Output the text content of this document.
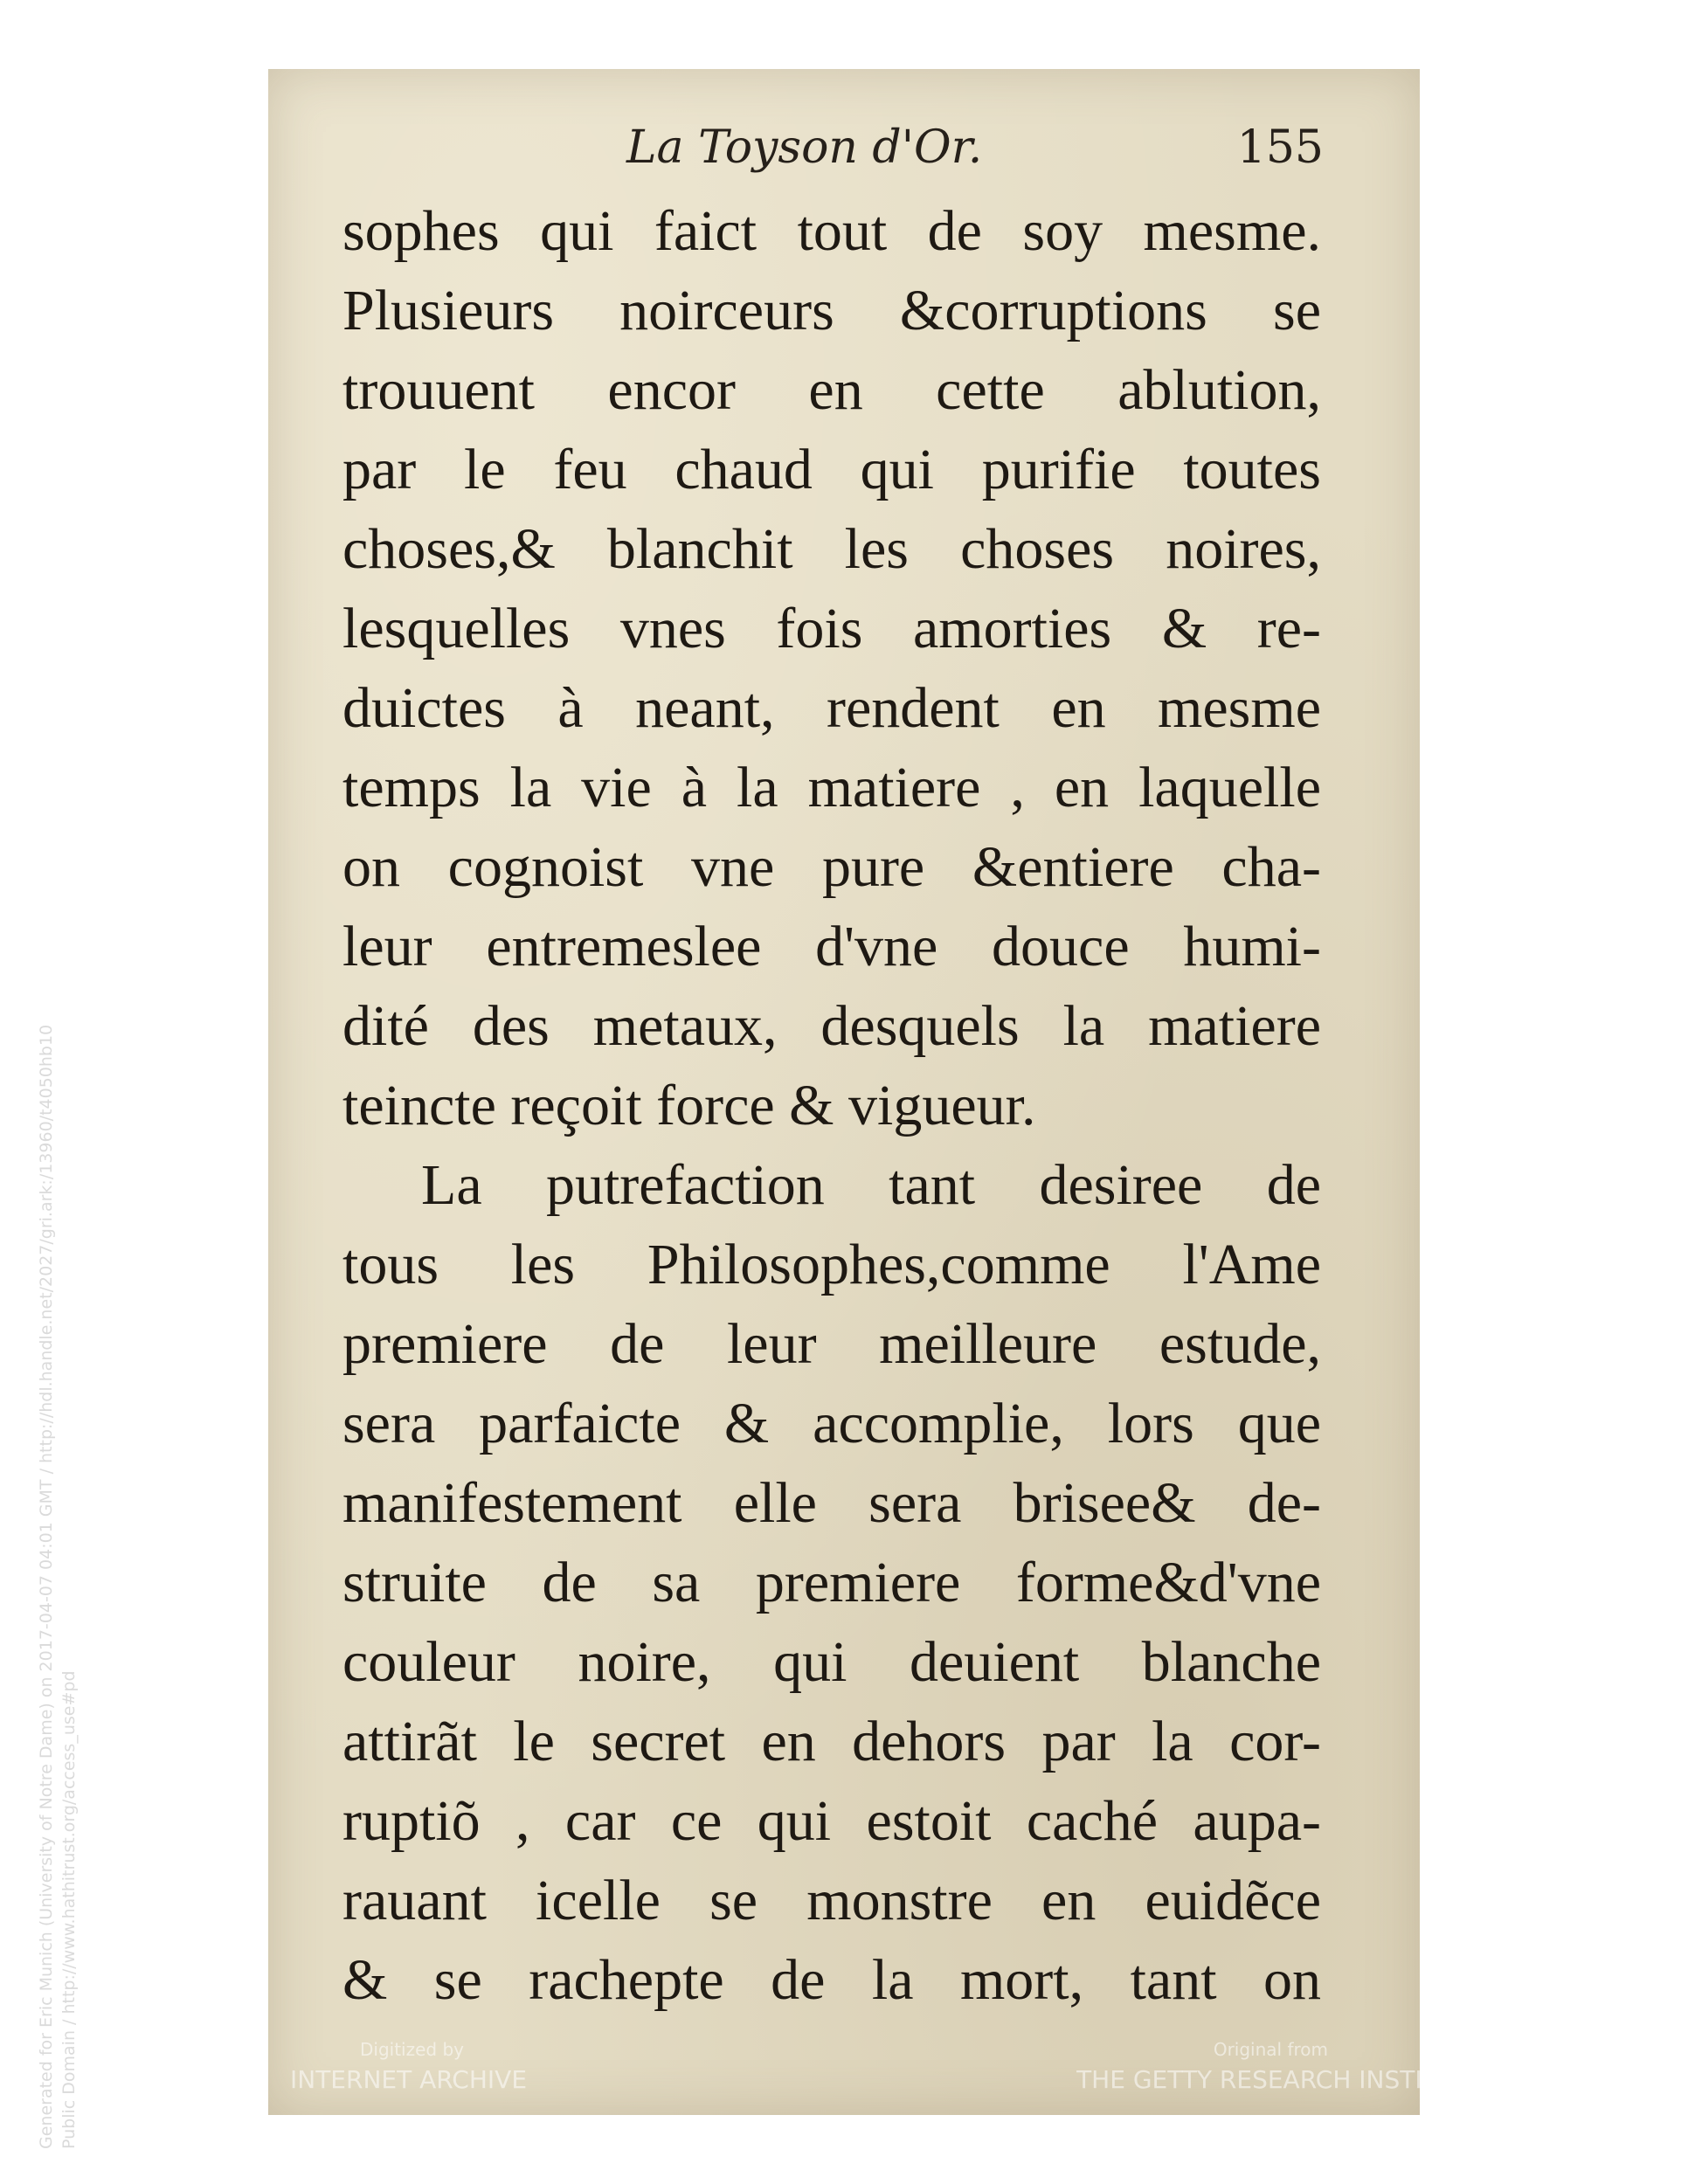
La Toyson d'Or.	155
sophes qui faict tout de soy mesme.
Plusieurs noirceurs &corruptions se
trouuent encor en cette ablution,
par le feu chaud qui purifie toutes
choses,& blanchit les choses noires,
lesquelles vnes fois amorties & re-
duictes à neant, rendent en mesme
temps la vie à la matiere , en laquelle
on cognoist vne pure &entiere cha-
leur entremeslee d'vne douce humi-
dité des metaux, desquels la matiere
teincte reçoit force & vigueur.
La putrefaction tant desiree de
tous les Philosophes,comme l'Ame
premiere de leur meilleure estude,
sera parfaicte & accomplie, lors que
manifestement elle sera brisee& de-
struite de sa premiere forme&d'vne
couleur noire, qui deuient blanche
attirãt le secret en dehors par la cor-
ruptiõ , car ce qui estoit caché aupa-
rauant icelle se monstre en euidẽce
& se rachepte de la mort, tant on
Digitized by
INTERNET ARCHIVE
Original from
THE GETTY RESEARCH INSTITUTE
Generated for Eric Munich (University of Notre Dame) on 2017-04-07 04:01 GMT / http://hdl.handle.net/2027/gri.ark:/13960/t4050hb10 Public Domain / http://www.hathitrust.org/access_use#pd
